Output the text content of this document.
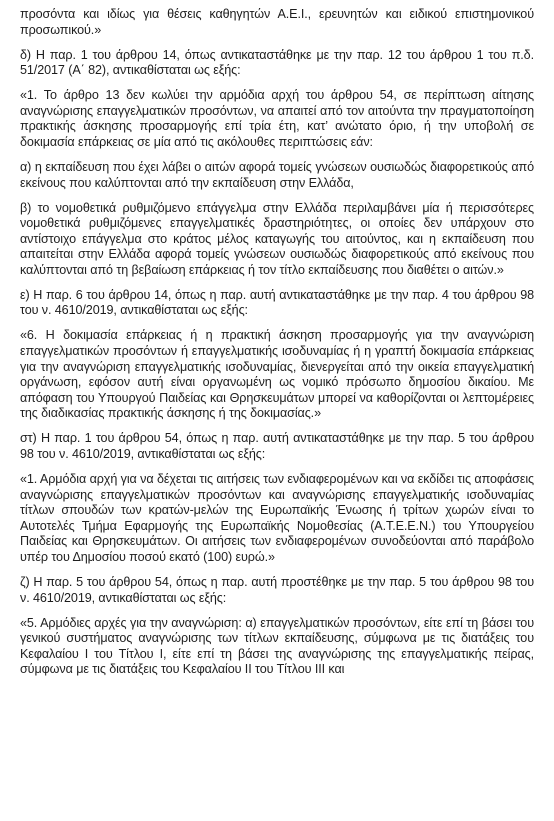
προσόντα και ιδίως για θέσεις καθηγητών Α.Ε.Ι., ερευνητών και ειδικού επιστημονικού προσωπικού.»

δ) Η παρ. 1 του άρθρου 14, όπως αντικαταστάθηκε με την παρ. 12 του άρθρου 1 του π.δ. 51/2017 (Α΄ 82), αντικαθίσταται ως εξής:

«1. Το άρθρο 13 δεν κωλύει την αρμόδια αρχή του άρθρου 54, σε περίπτωση αίτησης αναγνώρισης επαγγελματικών προσόντων, να απαιτεί από τον αιτούντα την πραγματοποίηση πρακτικής άσκησης προσαρμογής επί τρία έτη, κατ’ ανώτατο όριο, ή την υποβολή σε δοκιμασία επάρκειας σε μία από τις ακόλουθες περιπτώσεις εάν:

α) η εκπαίδευση που έχει λάβει ο αιτών αφορά τομείς γνώσεων ουσιωδώς διαφορετικούς από εκείνους που καλύπτονται από την εκπαίδευση στην Ελλάδα,

β) το νομοθετικά ρυθμιζόμενο επάγγελμα στην Ελλάδα περιλαμβάνει μία ή περισσότερες νομοθετικά ρυθμιζόμενες επαγγελματικές δραστηριότητες, οι οποίες δεν υπάρχουν στο αντίστοιχο επάγγελμα στο κράτος μέλος καταγωγής του αιτούντος, και η εκπαίδευση που απαιτείται στην Ελλάδα αφορά τομείς γνώσεων ουσιωδώς διαφορετικούς από εκείνους που καλύπτονται από τη βεβαίωση επάρκειας ή τον τίτλο εκπαίδευσης που διαθέτει ο αιτών.»

ε) Η παρ. 6 του άρθρου 14, όπως η παρ. αυτή αντικαταστάθηκε με την παρ. 4 του άρθρου 98 του ν. 4610/2019, αντικαθίσταται ως εξής:

«6. Η δοκιμασία επάρκειας ή η πρακτική άσκηση προσαρμογής για την αναγνώριση επαγγελματικών προσόντων ή επαγγελματικής ισοδυναμίας ή η γραπτή δοκιμασία επάρκειας για την αναγνώριση επαγγελματικής ισοδυναμίας, διενεργείται από την οικεία επαγγελματική οργάνωση, εφόσον αυτή είναι οργανωμένη ως νομικό πρόσωπο δημοσίου δικαίου. Με απόφαση του Υπουργού Παιδείας και Θρησκευμάτων μπορεί να καθορίζονται οι λεπτομέρειες της διαδικασίας πρακτικής άσκησης ή της δοκιμασίας.»

στ) Η παρ. 1 του άρθρου 54, όπως η παρ. αυτή αντικαταστάθηκε με την παρ. 5 του άρθρου 98 του ν. 4610/2019, αντικαθίσταται ως εξής:

«1. Αρμόδια αρχή για να δέχεται τις αιτήσεις των ενδιαφερομένων και να εκδίδει τις αποφάσεις αναγνώρισης επαγγελματικών προσόντων και αναγνώρισης επαγγελματικής ισοδυναμίας τίτλων σπουδών των κρατών-μελών της Ευρωπαϊκής Ένωσης ή τρίτων χωρών είναι το Αυτοτελές Τμήμα Εφαρμογής της Ευρωπαϊκής Νομοθεσίας (Α.Τ.Ε.Ε.Ν.) του Υπουργείου Παιδείας και Θρησκευμάτων. Οι αιτήσεις των ενδιαφερομένων συνοδεύονται από παράβολο υπέρ του Δημοσίου ποσού εκατό (100) ευρώ.»

ζ) Η παρ. 5 του άρθρου 54, όπως η παρ. αυτή προστέθηκε με την παρ. 5 του άρθρου 98 του ν. 4610/2019, αντικαθίσταται ως εξής:

«5. Αρμόδιες αρχές για την αναγνώριση: α) επαγγελματικών προσόντων, είτε επί τη βάσει του γενικού συστήματος αναγνώρισης των τίτλων εκπαίδευσης, σύμφωνα με τις διατάξεις του Κεφαλαίου Ι του Τίτλου Ι, είτε επί τη βάσει της αναγνώρισης της επαγγελματικής πείρας, σύμφωνα με τις διατάξεις του Κεφαλαίου ΙΙ του Τίτλου ΙΙΙ και
